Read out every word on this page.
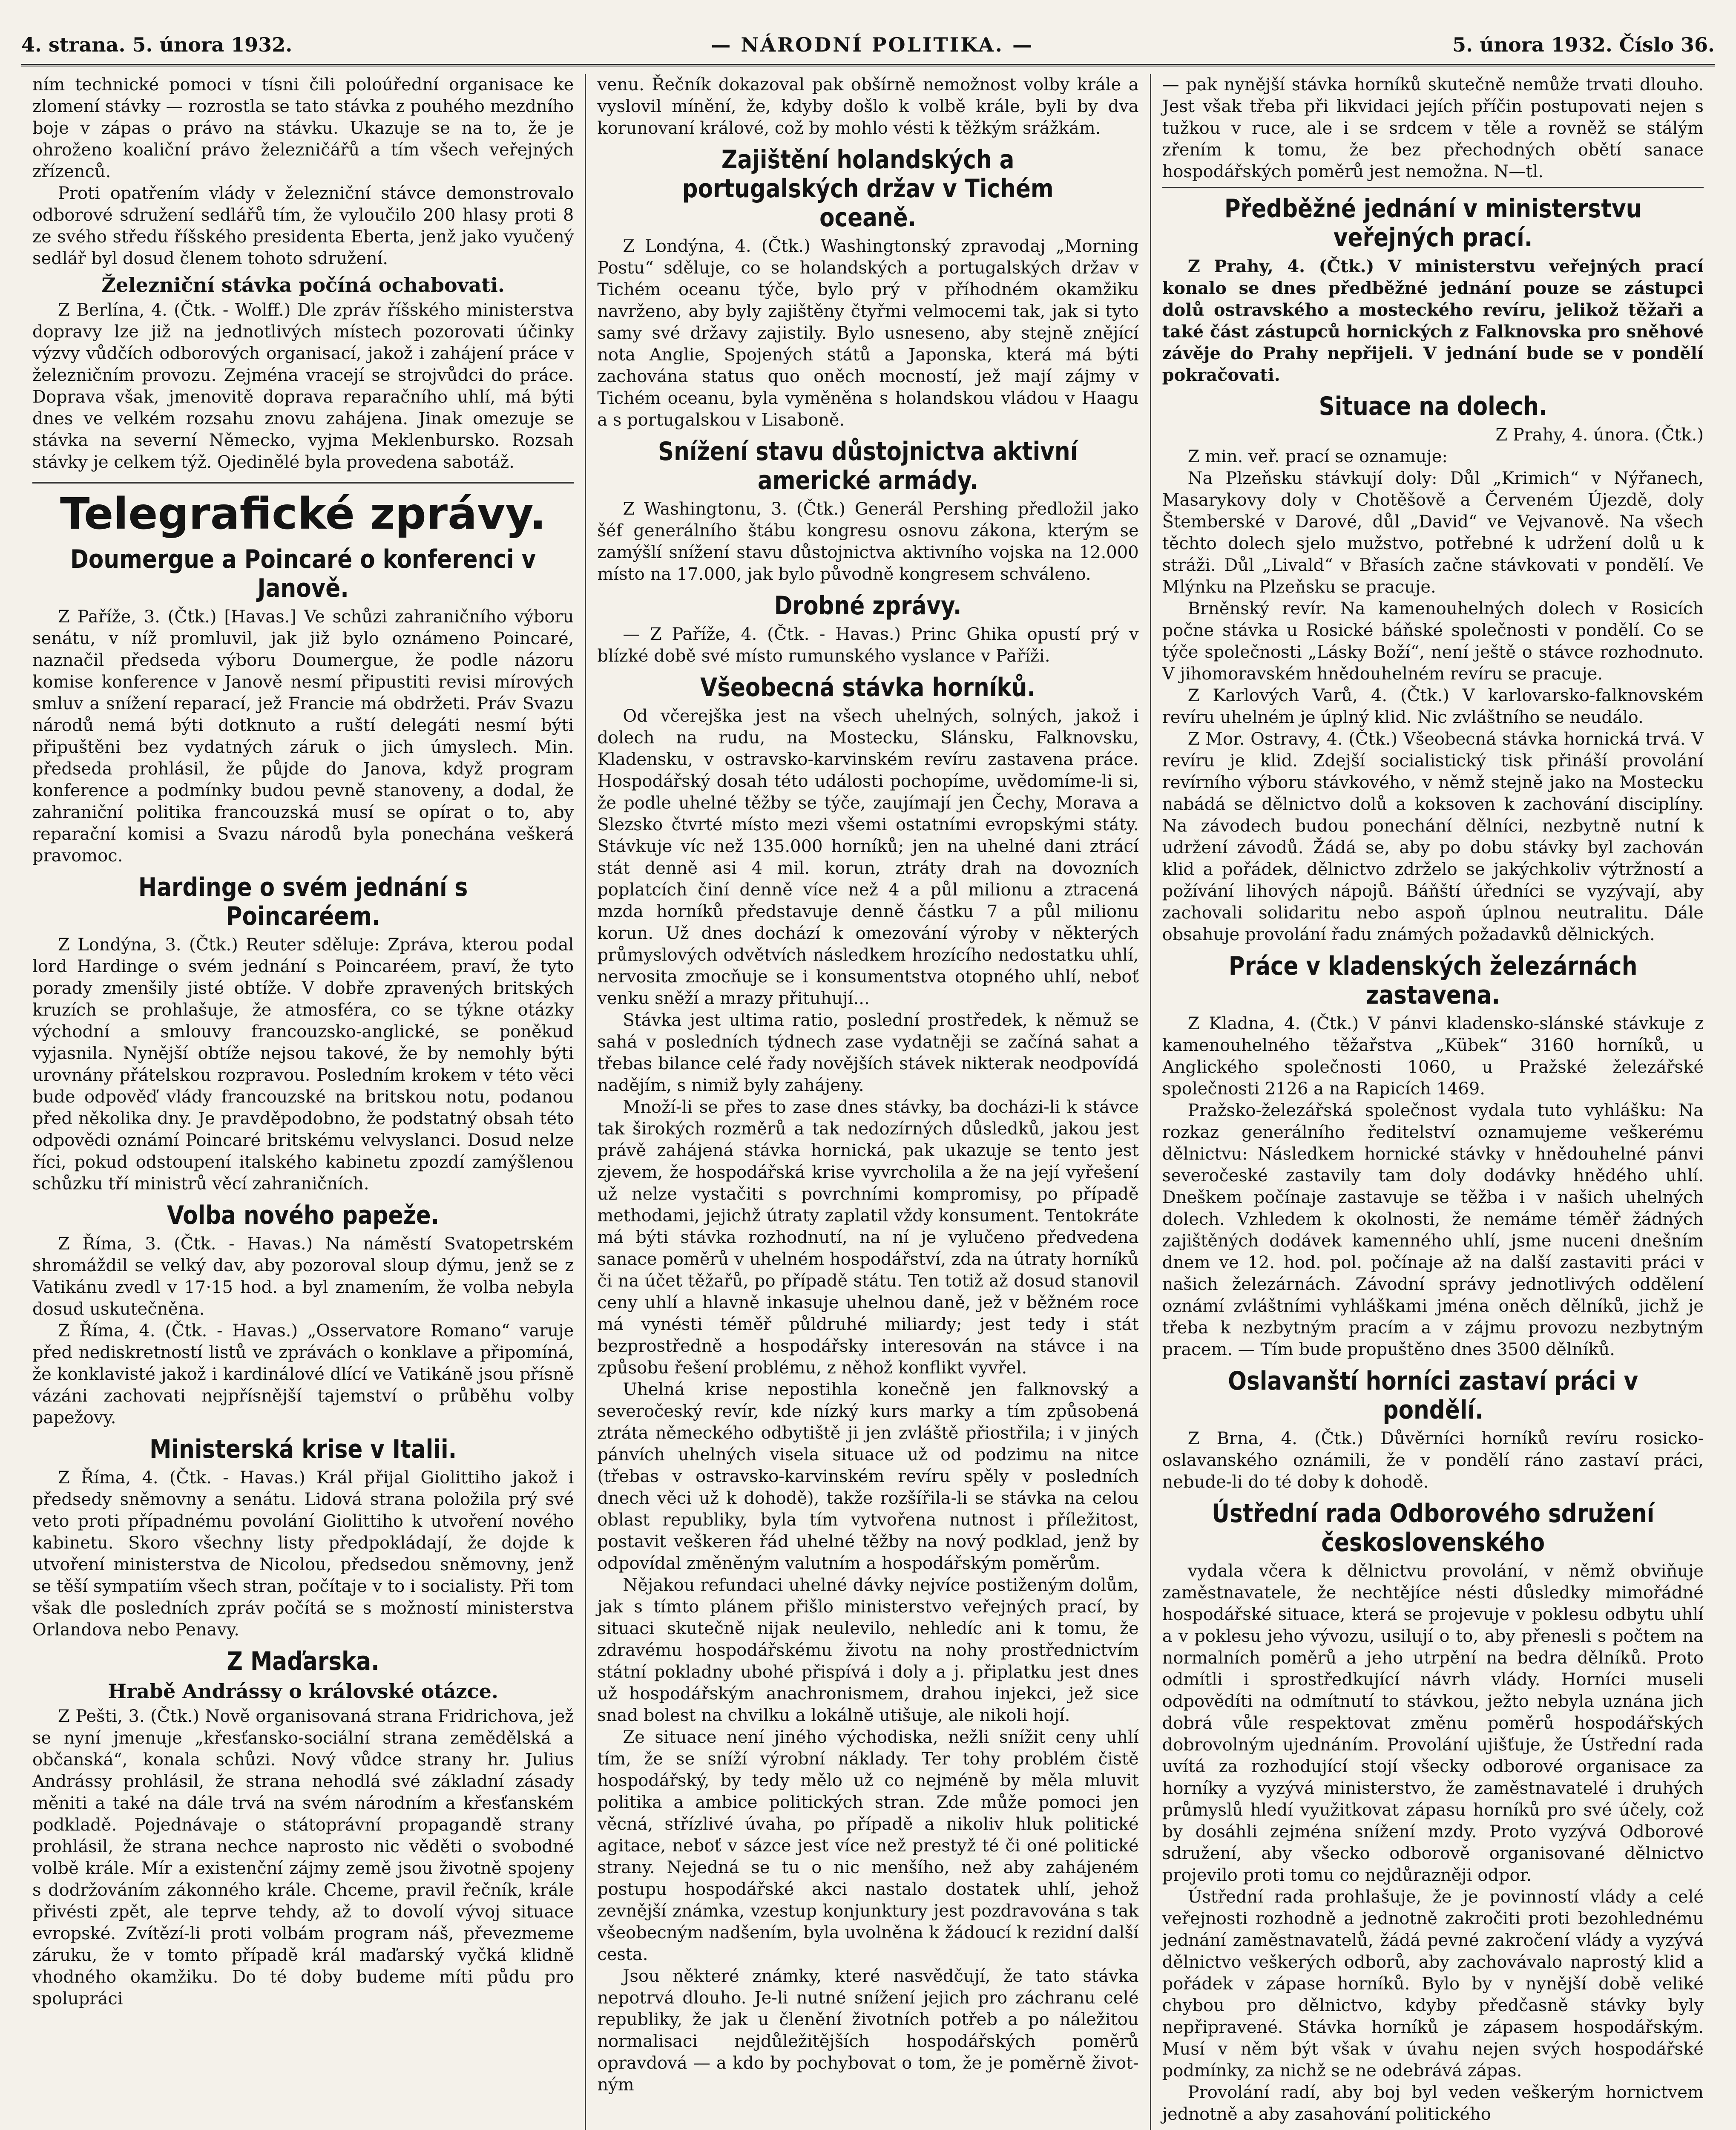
4. strana. 5. února 1932.	— NÁRODNÍ POLITIKA. —	5. února 1932. Číslo 36.

ním technické pomoci v tísni čili poloúřední organisace ke zlomení stávky — rozrostla se tato stávka z pouhého mezdního boje v zápas o právo na stávku. Ukazuje se na to, že je ohroženo koaliční právo železničářů a tím všech veřejných zřízenců.

Proti opatřením vlády v železniční stávce demonstrovalo odborové sdružení sedlářů tím, že vyloučilo 200 hlasy proti 8 ze svého středu říšského presidenta Eberta, jenž jako vyučený sedlář byl dosud členem tohoto sdružení.

Železniční stávka počíná ochabovati.

Z Berlína, 4. (Čtk. - Wolff.) Dle zpráv říšského ministerstva dopravy lze již na jednotlivých místech pozorovati účinky výzvy vůdčích odborových organisací, jakož i zahájení práce v železničním provozu. Zejména vracejí se strojvůdci do práce. Doprava však, jmenovitě doprava reparačního uhlí, má býti dnes ve velkém rozsahu znovu zahájena. Jinak omezuje se stávka na severní Německo, vyjma Meklenbursko. Rozsah stávky je celkem týž. Ojedinělé byla provedena sabotáž.

Telegrafické zprávy.
Doumergue a Poincaré o konferenci v Janově.

Z Paříže, 3. (Čtk.) [Havas.] Ve schůzi zahraničního výboru senátu, v níž promluvil, jak již bylo oznámeno Poincaré, naznačil předseda výboru Doumergue, že podle názoru komise konference v Janově nesmí připustiti revisi mírových smluv a snížení reparací, jež Francie má obdržeti. Práv Svazu národů nemá býti dotknuto a ruští delegáti nesmí býti připuštěni bez vydatných záruk o jich úmyslech. Min. předseda prohlásil, že půjde do Janova, když program konference a podmínky budou pevně stanoveny, a dodal, že zahraniční politika francouzská musí se opírat o to, aby reparační komisi a Svazu národů byla ponechána veškerá pravomoc.

Hardinge o svém jednání s Poincaréem.

Z Londýna, 3. (Čtk.) Reuter sděluje: Zpráva, kterou podal lord Hardinge o svém jednání s Poincaréem, praví, že tyto porady zmenšily jisté obtíže. V dobře zpravených britských kruzích se prohlašuje, že atmosféra, co se týkne otázky východní a smlouvy francouzsko-anglické, se poněkud vyjasnila. Nynější obtíže nejsou takové, že by nemohly býti urovnány přátelskou rozpravou. Posledním krokem v této věci bude odpověď vlády francouzské na britskou notu, podanou před několika dny. Je pravděpodobno, že podstatný obsah této odpovědi oznámí Poincaré britskému velvyslanci. Dosud nelze říci, pokud odstoupení italského kabinetu zpozdí zamýšlenou schůzku tří ministrů věcí zahraničních.

Volba nového papeže.

Z Říma, 3. (Čtk. - Havas.) Na náměstí Svatopetrském shromáždil se velký dav, aby pozoroval sloup dýmu, jenž se z Vatikánu zvedl v 17·15 hod. a byl znamením, že volba nebyla dosud uskutečněna.

Z Říma, 4. (Čtk. - Havas.) „Osservatore Romano“ varuje před nediskretností listů ve zprávách o konklave a připomíná, že konklavisté jakož i kardinálové dlící ve Vatikáně jsou přísně vázáni zachovati nejpřísnější tajemství o průběhu volby papežovy.

Ministerská krise v Italii.

Z Říma, 4. (Čtk. - Havas.) Král přijal Giolittiho jakož i předsedy sněmovny a senátu. Lidová strana položila prý své veto proti případnému povolání Giolittiho k utvoření nového kabinetu. Skoro všechny listy předpokládají, že dojde k utvoření ministerstva de Nicolou, předsedou sněmovny, jenž se těší sympatiím všech stran, počítaje v to i socialisty. Při tom však dle posledních zpráv počítá se s možností ministerstva Orlandova nebo Penavy.

Z Maďarska.
Hrabě Andrássy o královské otázce.

Z Pešti, 3. (Čtk.) Nově organisovaná strana Fridrichova, jež se nyní jmenuje „křesťansko-sociální strana zemědělská a občanská“, konala schůzi. Nový vůdce strany hr. Julius Andrássy prohlásil, že strana nehodlá své základní zásady měniti a také na dále trvá na svém národním a křesťanském podkladě. Pojednávaje o státoprávní propagandě strany prohlásil, že strana nechce naprosto nic věděti o svobodné volbě krále. Mír a existenční zájmy země jsou životně spojeny s dodržováním zákonného krále. Chceme, pravil řečník, krále přivésti zpět, ale teprve tehdy, až to dovolí vývoj situace evropské. Zvítězí-li proti volbám program náš, převezmeme záruku, že v tomto případě král maďarský vyčká klidně vhodného okamžiku. Do té doby budeme míti půdu pro spolupráci

venu. Řečník dokazoval pak obšírně nemožnost volby krále a vyslovil mínění, že, kdyby došlo k volbě krále, byli by dva korunovaní králové, což by mohlo vésti k těžkým srážkám.

Zajištění holandských a portugalských držav v Tichém oceaně.

Z Londýna, 4. (Čtk.) Washingtonský zpravodaj „Morning Postu“ sděluje, co se holandských a portugalských držav v Tichém oceanu týče, bylo prý v příhodném okamžiku navrženo, aby byly zajištěny čtyřmi velmocemi tak, jak si tyto samy své državy zajistily. Bylo usneseno, aby stejně znějící nota Anglie, Spojených států a Japonska, která má býti zachována status quo oněch mocností, jež mají zájmy v Tichém oceanu, byla vyměněna s holandskou vládou v Haagu a s portugalskou v Lisaboně.

Snížení stavu důstojnictva aktivní americké armády.

Z Washingtonu, 3. (Čtk.) Generál Pershing předložil jako šéf generálního štábu kongresu osnovu zákona, kterým se zamýšlí snížení stavu důstojnictva aktivního vojska na 12.000 místo na 17.000, jak bylo původně kongresem schváleno.

Drobné zprávy.

— Z Paříže, 4. (Čtk. - Havas.) Princ Ghika opustí prý v blízké době své místo rumunského vyslance v Paříži.

Všeobecná stávka horníků.

Od včerejška jest na všech uhelných, solných, jakož i dolech na rudu, na Mostecku, Slánsku, Falknovsku, Kladensku, v ostravsko-karvinském revíru zastavena práce. Hospodářský dosah této události pochopíme, uvědomíme-li si, že podle uhelné těžby se týče, zaujímají jen Čechy, Morava a Slezsko čtvrté místo mezi všemi ostatními evropskými státy. Stávkuje víc než 135.000 horníků; jen na uhelné dani ztrácí stát denně asi 4 mil. korun, ztráty drah na dovozních poplatcích činí denně více než 4 a půl milionu a ztracená mzda horníků představuje denně částku 7 a půl milionu korun. Už dnes dochází k omezování výroby v některých průmyslových odvětvích následkem hrozícího nedostatku uhlí, nervosita zmocňuje se i konsumentstva otopného uhlí, neboť venku sněží a mrazy přituhují...

Stávka jest ultima ratio, poslední prostředek, k němuž se sahá v posledních týdnech zase vydatněji se začíná sahat a třebas bilance celé řady novějších stávek nikterak neodpovídá nadějím, s nimiž byly zahájeny.

Množí-li se přes to zase dnes stávky, ba docházi-li k stávce tak širokých rozměrů a tak nedozírných důsledků, jakou jest právě zahájená stávka hornická, pak ukazuje se tento jest zjevem, že hospodářská krise vyvrcholila a že na její vyřešení už nelze vystačiti s povrchními kompromisy, po případě methodami, jejichž útraty zaplatil vždy konsument. Tentokráte má býti stávka rozhodnutí, na ní je vylučeno předvedena sanace poměrů v uhelném hospodářství, zda na útraty horníků či na účet těžařů, po případě státu. Ten totiž až dosud stanovil ceny uhlí a hlavně inkasuje uhelnou daně, jež v běžném roce má vynésti téměř půldruhé miliardy; jest tedy i stát bezprostředně a hospodářsky interesován na stávce i na způsobu řešení problému, z něhož konflikt vyvřel.

Uhelná krise nepostihla konečně jen falknovský a severočeský revír, kde nízký kurs marky a tím způsobená ztráta německého odbytiště ji jen zvláště přiostřila; i v jiných pánvích uhelných visela situace už od podzimu na nitce (třebas v ostravsko-karvinském revíru spěly v posledních dnech věci už k dohodě), takže rozšířila-li se stávka na celou oblast republiky, byla tím vytvořena nutnost i příležitost, postavit veškeren řád uhelné těžby na nový podklad, jenž by odpovídal změněným valutním a hospodářským poměrům.

Nějakou refundaci uhelné dávky nejvíce postiženým dolům, jak s tímto plánem přišlo ministerstvo veřejných prací, by situaci skutečně nijak neulevilo, nehledíc ani k tomu, že zdravému hospodářskému životu na nohy prostřednictvím státní pokladny ubohé přispívá i doly a j. připlatku jest dnes už hospodářským anachronismem, drahou injekci, jež sice snad bolest na chvilku a lokálně utišuje, ale nikoli hojí.

Ze situace není jiného východiska, nežli snížit ceny uhlí tím, že se sníží výrobní náklady. Ter tohy problém čistě hospodářský, by tedy mělo už co nejméně by měla mluvit politika a ambice politických stran. Zde může pomoci jen věcná, střízlivé úvaha, po případě a nikoliv hluk politické agitace, neboť v sázce jest více než prestyž té či oné politické strany. Nejedná se tu o nic menšího, než aby zahájeném postupu hospodářské akci nastalo dostatek uhlí, jehož zevnější známka, vzestup konjunktury jest pozdravována s tak všeobecným nadšením, byla uvolněna k žádoucí k rezidní další cesta.

Jsou některé známky, které nasvědčují, že tato stávka nepotrvá dlouho. Je-li nutné snížení jejich pro záchranu celé republiky, že jak u členění životních potřeb a po náležitou normalisaci nejdůležitějších hospodářských poměrů opravdová — a kdo by pochybovat o tom, že je poměrně životným

— pak nynější stávka horníků skutečně nemůže trvati dlouho. Jest však třeba při likvidaci jejích příčin postupovati nejen s tužkou v ruce, ale i se srdcem v těle a rovněž se stálým zřením k tomu, že bez přechodných obětí sanace hospodářských poměrů jest nemožna. N—tl.

Předběžné jednání v ministerstvu veřejných prací.

Z Prahy, 4. (Čtk.) V ministerstvu veřejných prací konalo se dnes předběžné jednání pouze se zástupci dolů ostravského a mosteckého revíru, jelikož těžaři a také část zástupců hornických z Falknovska pro sněhové závěje do Prahy nepřijeli. V jednání bude se v pondělí pokračovati.

Situace na dolech.

Z Prahy, 4. února. (Čtk.)

Z min. veř. prací se oznamuje:

Na Plzeňsku stávkují doly: Důl „Krimich“ v Nýřanech, Masarykovy doly v Chotěšově a Červeném Újezdě, doly Štemberské v Darové, důl „David“ ve Vejvanově. Na všech těchto dolech sjelo mužstvo, potřebné k udržení dolů u k stráži. Důl „Livald“ v Břasích začne stávkovati v pondělí. Ve Mlýnku na Plzeňsku se pracuje.

Brněnský revír. Na kamenouhelných dolech v Rosicích počne stávka u Rosické báňské společnosti v pondělí. Co se týče společnosti „Lásky Boží“, není ještě o stávce rozhodnuto. V jihomoravském hnědouhelném revíru se pracuje.

Z Karlových Varů, 4. (Čtk.) V karlovarsko-falknovském revíru uhelném je úplný klid. Nic zvláštního se neudálo.

Z Mor. Ostravy, 4. (Čtk.) Všeobecná stávka hornická trvá. V revíru je klid. Zdejší socialistický tisk přináší provolání revírního výboru stávkového, v němž stejně jako na Mostecku nabádá se dělnictvo dolů a koksoven k zachování disciplíny. Na závodech budou ponechání dělníci, nezbytně nutní k udržení závodů. Žádá se, aby po dobu stávky byl zachován klid a pořádek, dělnictvo zdrželo se jakýchkoliv výtržností a požívání lihových nápojů. Báňští úředníci se vyzývají, aby zachovali solidaritu nebo aspoň úplnou neutralitu. Dále obsahuje provolání řadu známých požadavků dělnických.

Práce v kladenských železárnách zastavena.

Z Kladna, 4. (Čtk.) V pánvi kladensko-slánské stávkuje z kamenouhelného těžařstva „Kübek“ 3160 horníků, u Anglického společnosti 1060, u Pražské železářské společnosti 2126 a na Rapicích 1469.

Pražsko-železářská společnost vydala tuto vyhlášku: Na rozkaz generálního ředitelství oznamujeme veškerému dělnictvu: Následkem hornické stávky v hnědouhelné pánvi severočeské zastavily tam doly dodávky hnědého uhlí. Dneškem počínaje zastavuje se těžba i v našich uhelných dolech. Vzhledem k okolnosti, že nemáme téměř žádných zajištěných dodávek kamenného uhlí, jsme nuceni dnešním dnem ve 12. hod. pol. počínaje až na další zastaviti práci v našich železárnách. Závodní správy jednotlivých oddělení oznámí zvláštními vyhláškami jména oněch dělníků, jichž je třeba k nezbytným pracím a v zájmu provozu nezbytným pracem. — Tím bude propuštěno dnes 3500 dělníků.

Oslavanští horníci zastaví práci v pondělí.

Z Brna, 4. (Čtk.) Důvěrníci horníků revíru rosicko-oslavanského oznámili, že v pondělí ráno zastaví práci, nebude-li do té doby k dohodě.

Ústřední rada Odborového sdružení československého

vydala včera k dělnictvu provolání, v němž obviňuje zaměstnavatele, že nechtějíce nésti důsledky mimořádné hospodářské situace, která se projevuje v poklesu odbytu uhlí a v poklesu jeho vývozu, usilují o to, aby přenesli s počtem na normalních poměrů a jeho utrpění na bedra dělníků. Proto odmítli i sprostředkující návrh vlády. Horníci museli odpovědíti na odmítnutí to stávkou, ježto nebyla uznána jich dobrá vůle respektovat změnu poměrů hospodářských dobrovolným ujednáním. Provolání ujišťuje, že Ústřední rada uvítá za rozhodující stojí všecky odborové organisace za horníky a vyzývá ministerstvo, že zaměstnavatelé i druhých průmyslů hledí využitkovat zápasu horníků pro své účely, což by dosáhli zejména snížení mzdy. Proto vyzývá Odborové sdružení, aby všecko odborově organisované dělnictvo projevilo proti tomu co nejdůrazněji odpor.

Ústřední rada prohlašuje, že je povinností vlády a celé veřejnosti rozhodně a jednotně zakročiti proti bezohlednému jednání zaměstnavatelů, žádá pevné zakročení vlády a vyzývá dělnictvo veškerých odborů, aby zachovávalo naprostý klid a pořádek v zápase horníků. Bylo by v nynější době veliké chybou pro dělnictvo, kdyby předčasně stávky byly nepřipravené. Stávka horníků je zápasem hospodářským. Musí v něm být však v úvahu nejen svých hospodářské podmínky, za nichž se ne odebrává zápas.

Provolání radí, aby boj byl veden veškerým hornictvem jednotně a aby zasahování politického
